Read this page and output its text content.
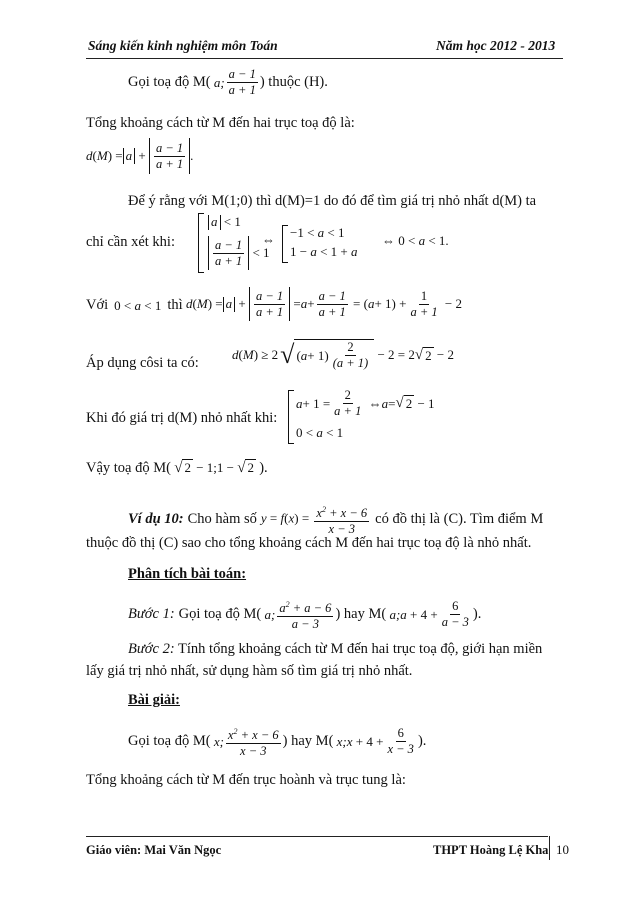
Sáng kiến kinh nghiệm môn Toán	Năm học 2012 - 2013
Gọi toạ độ M( a; $\frac{a - 1}{a + 1}$ ) thuộc (H).
Tổng khoảng cách từ M đến hai trục toạ độ là:
$d(M) = a + \frac{a - 1}{a + 1}$ .
Để ý rằng với M(1;0) thì d(M)=1 do đó để tìm giá trị nhỏ nhất d(M) ta
chỉ cần xét khi:
a < 1
$\frac{a - 1}{a + 1} < 1$
⇔ −1 < a < 1
1 − a < 1 + a
⇔ 0 < a < 1.
Với 0 < a < 1 thì $d(M) = a + \frac{a - 1}{a + 1} = a + \frac{a - 1}{a + 1}$ = ( $a + 1) + \frac{1}{a + 1} - 2$
Áp dụng côsi ta có:
d(M) ≥ 2 √ ( $a + 1) \frac{2}{(a + 1)} - 2 = 2$ √ 2 − 2
Khi đó giá trị d(M) nhỏ nhất khi:
$a + 1 = \frac{2}{a + 1}$ ⇔ a = √ 2 − 1
0 < a < 1
Vậy toạ độ M( √ 2 − 1;1 − √ 2 ).
Ví dụ 10: Cho hàm số $y = f(x) = \frac{x^2 + x - 6}{x - 3}$ có đồ thị là (C). Tìm điểm M
thuộc đồ thị (C) sao cho tổng khoảng cách M đến hai trục toạ độ là nhỏ nhất.
Phân tích bài toán:
Bước 1: Gọi toạ độ M( a; $\frac{a^2 + a - 6}{a - 3}$ ) hay M( a;a + $4 + \frac{6}{a - 3}$ ).
Bước 2: Tính tổng khoảng cách từ M đến hai trục toạ độ, giới hạn miền
lấy giá trị nhỏ nhất, sử dụng hàm số tìm giá trị nhỏ nhất.
Bài giải:
Gọi toạ độ M( x; $\frac{x^2 + x - 6}{x - 3}$ ) hay M( x;x + $4 + \frac{6}{x - 3}$ ).
Tổng khoảng cách từ M đến trục hoành và trục tung là:
Giáo viên: Mai Văn Ngọc	THPT Hoàng Lệ Kha 10
